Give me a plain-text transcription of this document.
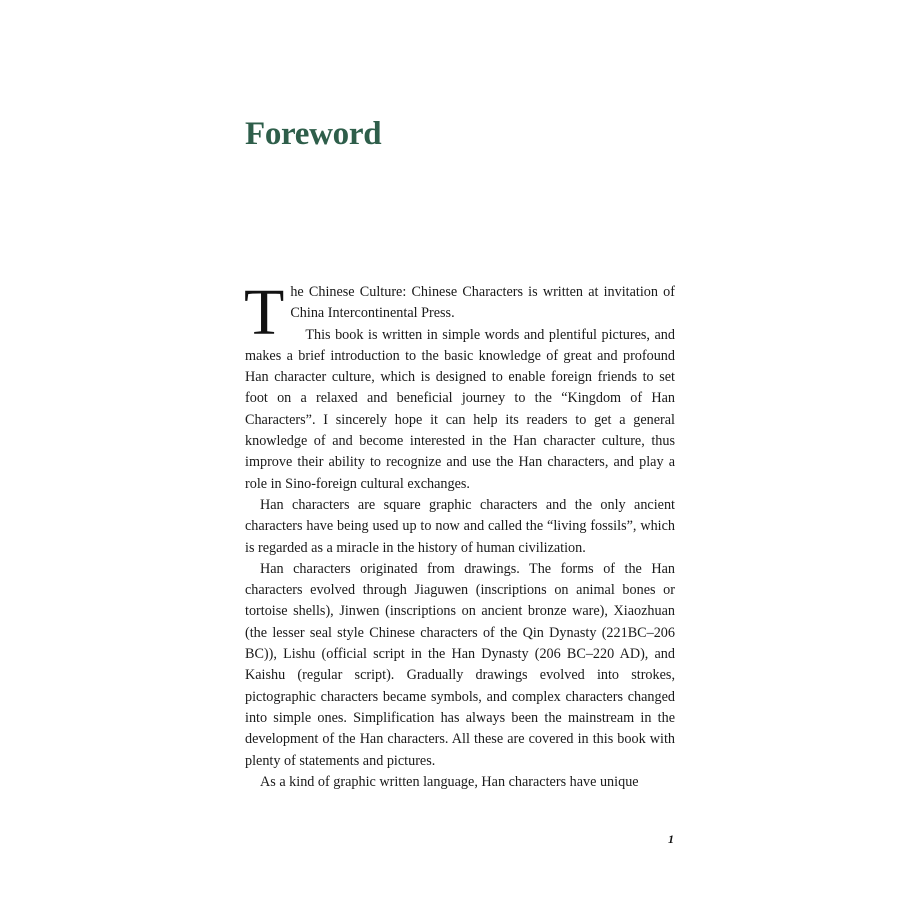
Foreword

The Chinese Culture: Chinese Characters is written at invitation of China Intercontinental Press.
This book is written in simple words and plentiful pictures, and makes a brief introduction to the basic knowledge of great and profound Han character culture, which is designed to enable foreign friends to set foot on a relaxed and beneficial journey to the “Kingdom of Han Characters”. I sincerely hope it can help its readers to get a general knowledge of and become interested in the Han character culture, thus improve their ability to recognize and use the Han characters, and play a role in Sino-foreign cultural exchanges.

Han characters are square graphic characters and the only ancient characters have being used up to now and called the “living fossils”, which is regarded as a miracle in the history of human civilization.

Han characters originated from drawings. The forms of the Han characters evolved through Jiaguwen (inscriptions on animal bones or tortoise shells), Jinwen (inscriptions on ancient bronze ware), Xiaozhuan (the lesser seal style Chinese characters of the Qin Dynasty (221BC–206 BC)), Lishu (official script in the Han Dynasty (206 BC–220 AD), and Kaishu (regular script). Gradually drawings evolved into strokes, pictographic characters became symbols, and complex characters changed into simple ones. Simplification has always been the mainstream in the development of the Han characters. All these are covered in this book with plenty of statements and pictures.

As a kind of graphic written language, Han characters have unique

1
